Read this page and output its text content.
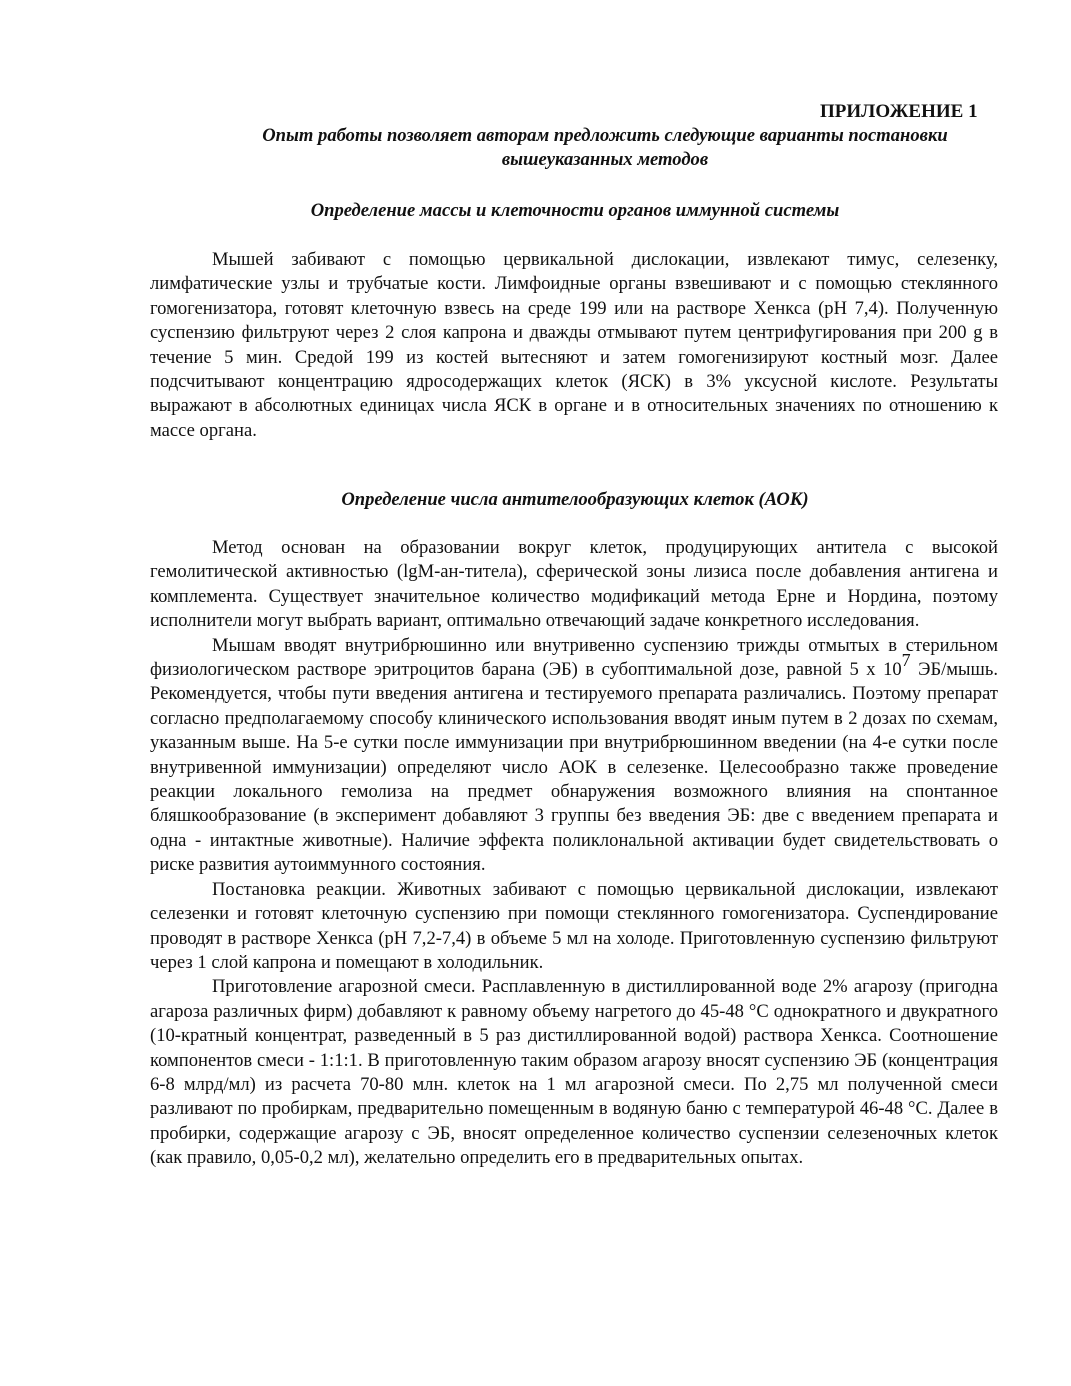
ПРИЛОЖЕНИЕ 1
Опыт работы позволяет авторам предложить следующие варианты постановки вышеуказанных методов
Определение массы и клеточности органов иммунной системы

Мышей забивают с помощью цервикальной дислокации, извлекают тимус, селезенку, лимфатические узлы и трубчатые кости. Лимфоидные органы взвешивают и с помощью стеклянного гомогенизатора, готовят клеточную взвесь на среде 199 или на растворе Хенкса (рН 7,4). Полученную суспензию фильтруют через 2 слоя капрона и дважды отмывают путем центрифугирования при 200 g в течение 5 мин. Средой 199 из костей вытесняют и затем гомогенизируют костный мозг. Далее подсчитывают концентрацию ядросодержащих клеток (ЯСК) в 3% уксусной кислоте. Результаты выражают в абсолютных единицах числа ЯСК в органе и в относительных значениях по отношению к массе органа.

Определение числа антителообразующих клеток (АОК)

Метод основан на образовании вокруг клеток, продуцирующих антитела с высокой гемолитической активностью (lgM-ан-титела), сферической зоны лизиса после добавления антигена и комплемента. Существует значительное количество модификаций метода Ерне и Нордина, поэтому исполнители могут выбрать вариант, оптимально отвечающий задаче конкретного исследования.

Мышам вводят внутрибрюшинно или внутривенно суспензию трижды отмытых в стерильном физиологическом растворе эритроцитов барана (ЭБ) в субоптимальной дозе, равной 5 х $10^7$ ЭБ/мышь. Рекомендуется, чтобы пути введения антигена и тестируемого препарата различались. Поэтому препарат согласно предполагаемому способу клинического использования вводят иным путем в 2 дозах по схемам, указанным выше. На 5-е сутки после иммунизации при внутрибрюшинном введении (на 4-е сутки после внутривенной иммунизации) определяют число АОК в селезенке. Целесообразно также проведение реакции локального гемолиза на предмет обнаружения возможного влияния на спонтанное бляшкообразование (в эксперимент добавляют 3 группы без введения ЭБ: две с введением препарата и одна - интактные животные). Наличие эффекта поликлональной активации будет свидетельствовать о риске развития аутоиммунного состояния.

Постановка реакции. Животных забивают с помощью цервикальной дислокации, извлекают селезенки и готовят клеточную суспензию при помощи стеклянного гомогенизатора. Суспендирование проводят в растворе Хенкса (рН 7,2-7,4) в объеме 5 мл на холоде. Приготовленную суспензию фильтруют через 1 слой капрона и помещают в холодильник.

Приготовление агарозной смеси. Расплавленную в дистиллированной воде 2% агарозу (пригодна агароза различных фирм) добавляют к равному объему нагретого до 45-48 °С однократного и двукратного (10-кратный концентрат, разведенный в 5 раз дистиллированной водой) раствора Хенкса. Соотношение компонентов смеси - 1:1:1. В приготовленную таким образом агарозу вносят суспензию ЭБ (концентрация 6-8 млрд/мл) из расчета 70-80 млн. клеток на 1 мл агарозной смеси. По 2,75 мл полученной смеси разливают по пробиркам, предварительно помещенным в водяную баню с температурой 46-48 °С. Далее в пробирки, содержащие агарозу с ЭБ, вносят определенное количество суспензии селезеночных клеток (как правило, 0,05-0,2 мл), желательно определить его в предварительных опытах.
